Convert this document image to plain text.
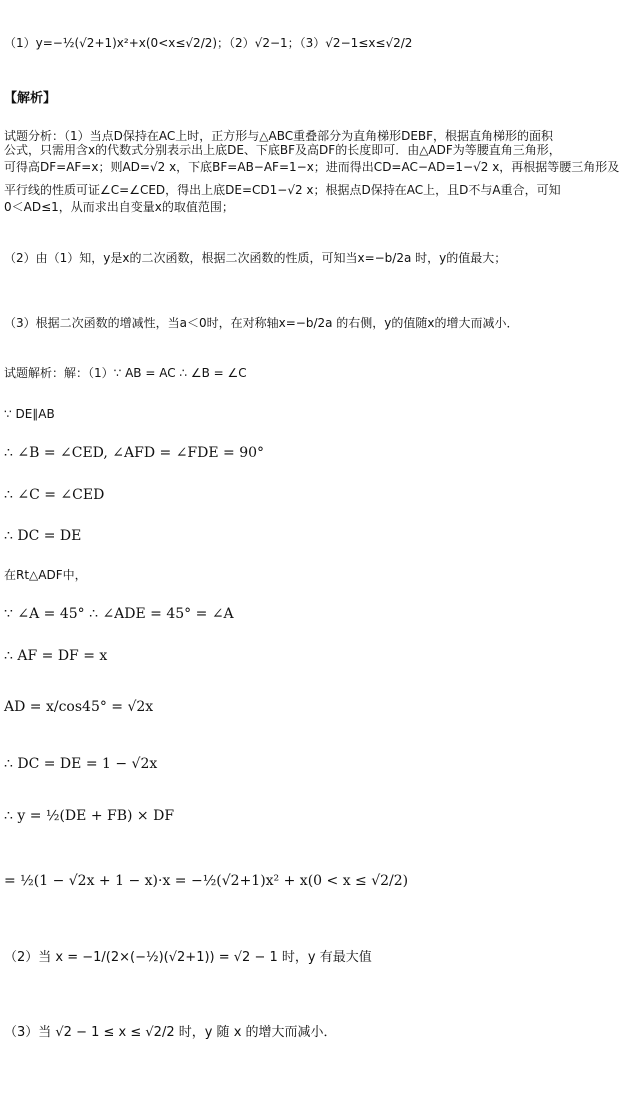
（1）y=−½(√2+1)x²+x(0<x≤√2/2)；（2）√2−1；（3）√2−1≤x≤√2/2
【解析】
试题分析：（1）当点D保持在AC上时，正方形与△ABC重叠部分为直角梯形DEBF，根据直角梯形的面积
公式，只需用含x的代数式分别表示出上底DE、下底BF及高DF的长度即可．由△ADF为等腰直角三角形，
可得高DF=AF=x；则AD=√2 x，下底BF=AB−AF=1−x；进而得出CD=AC−AD=1−√2 x，再根据等腰三角形及
平行线的性质可证∠C=∠CED，得出上底DE=CD1−√2 x；根据点D保持在AC上，且D不与A重合，可知
0＜AD≤1，从而求出自变量x的取值范围；
（2）由（1）知，y是x的二次函数，根据二次函数的性质，可知当x=−b/2a 时，y的值最大；
（3）根据二次函数的增减性，当a＜0时，在对称轴x=−b/2a 的右侧，y的值随x的增大而减小．
试题解析：解：（1）∵ AB = AC ∴ ∠B = ∠C
∵ DE∥AB
∴ ∠B = ∠CED, ∠AFD = ∠FDE = 90°
∴ ∠C = ∠CED
∴ DC = DE
在Rt△ADF中，
∵ ∠A = 45° ∴ ∠ADE = 45° = ∠A
∴ AF = DF = x
AD = x/cos45° = √2x
∴ DC = DE = 1 − √2x
∴ y = ½(DE + FB) × DF
= ½(1 − √2x + 1 − x)·x = −½(√2+1)x² + x(0 < x ≤ √2/2)
（2）当 x = −1/(2×(−½)(√2+1)) = √2 − 1 时，y 有最大值
（3）当 √2 − 1 ≤ x ≤ √2/2 时，y 随 x 的增大而减小．
